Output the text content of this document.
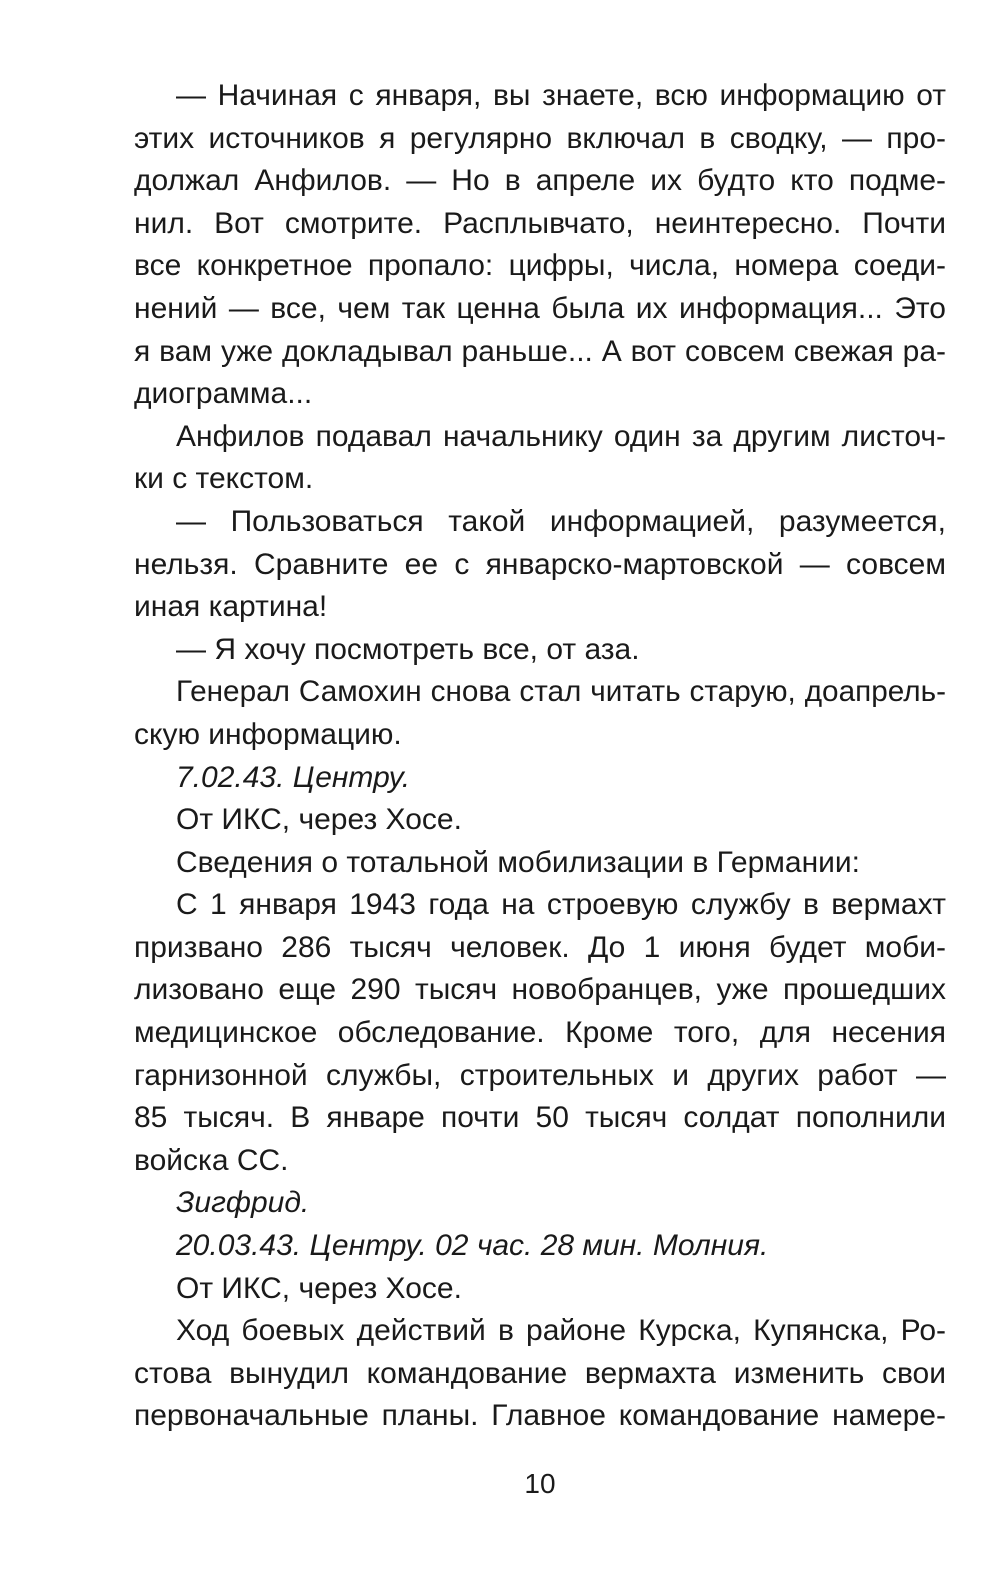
— Начиная с января, вы знаете, всю информацию от
этих источников я регулярно включал в сводку, — про-
должал Анфилов. — Но в апреле их будто кто подме-
нил. Вот смотрите. Расплывчато, неинтересно. Почти
все конкретное пропало: цифры, числа, номера соеди-
нений — все, чем так ценна была их информация... Это
я вам уже докладывал раньше... А вот совсем свежая ра-
диограмма...
Анфилов подавал начальнику один за другим листоч-
ки с текстом.
— Пользоваться такой информацией, разумеется,
нельзя. Сравните ее с январско-мартовской — совсем
иная картина!
— Я хочу посмотреть все, от аза.
Генерал Самохин снова стал читать старую, доапрель-
скую информацию.
7.02.43. Центру.
От ИКС, через Хосе.
Сведения о тотальной мобилизации в Германии:
С 1 января 1943 года на строевую службу в вермахт
призвано 286 тысяч человек. До 1 июня будет моби-
лизовано еще 290 тысяч новобранцев, уже прошедших
медицинское обследование. Кроме того, для несения
гарнизонной службы, строительных и других работ —
85 тысяч. В январе почти 50 тысяч солдат пополнили
войска СС.
Зигфрид.
20.03.43. Центру. 02 час. 28 мин. Молния.
От ИКС, через Хосе.
Ход боевых действий в районе Курска, Купянска, Ро-
стова вынудил командование вермахта изменить свои
первоначальные планы. Главное командование намере-
10
